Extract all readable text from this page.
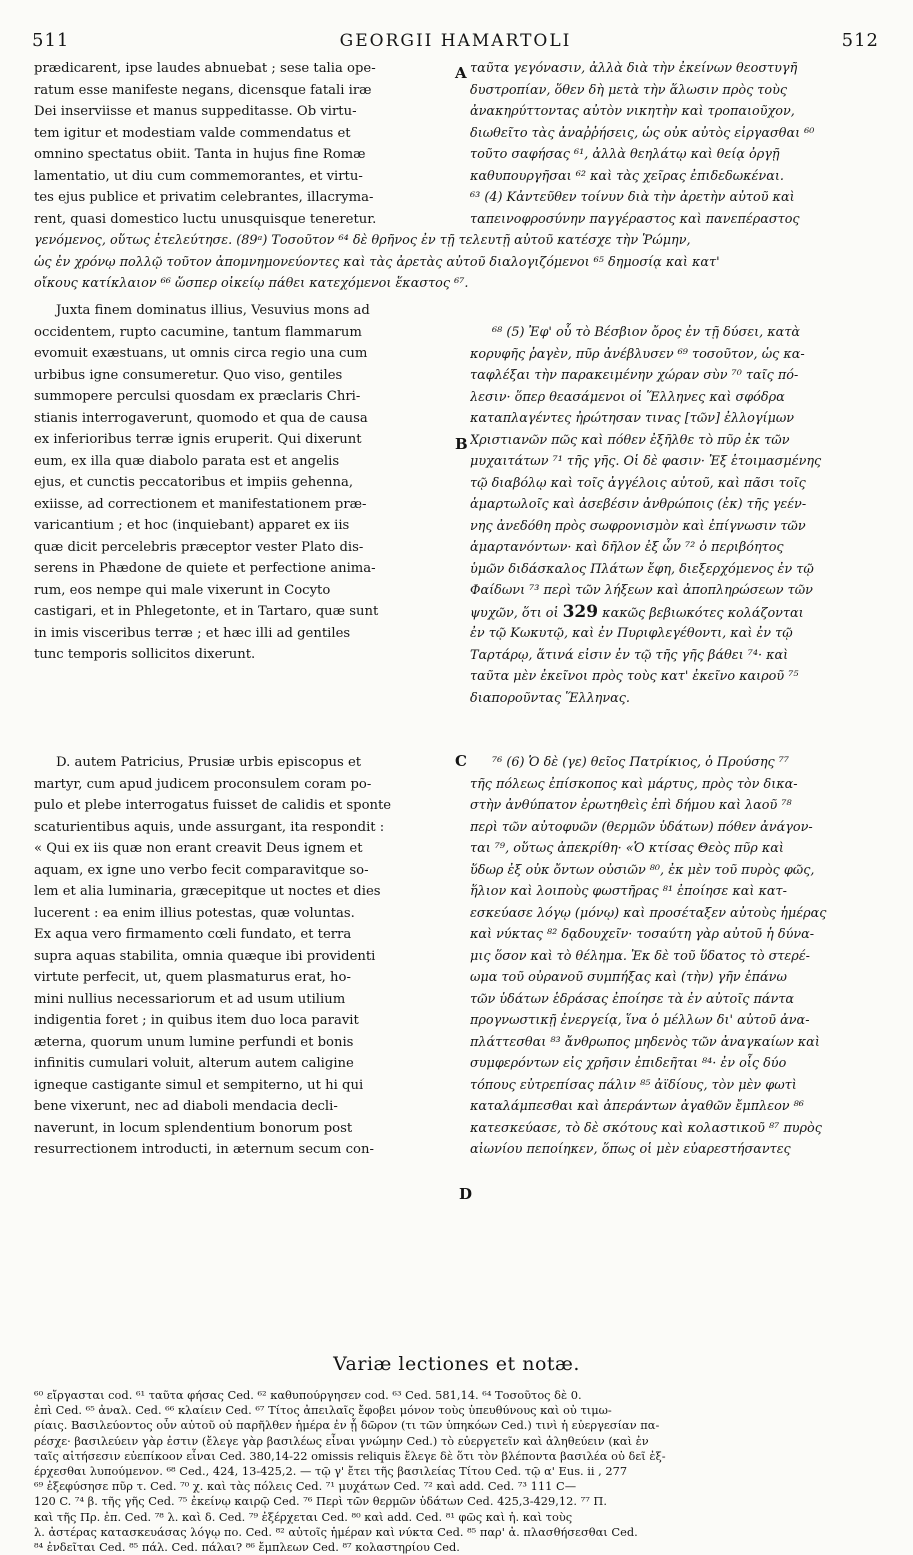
511	GEORGII HAMARTOLI	512
A
B
C
D
prædicarent, ipse laudes abnuebat ; sese talia ope-
ratum esse manifeste negans, dicensque fatali iræ
Dei inserviisse et manus suppeditasse. Ob virtu-
tem igitur et modestiam valde commendatus et
omnino spectatus obiit. Tanta in hujus fine Romæ
lamentatio, ut diu cum commemorantes, et virtu-
tes ejus publice et privatim celebrantes, illacryma-
rent, quasi domestico luctu unusquisque teneretur.
ταῦτα γεγόνασιν, ἀλλὰ διὰ τὴν ἐκείνων θεοστυγῆ
δυστροπίαν, ὅθεν δὴ μετὰ τὴν ἅλωσιν πρὸς τοὺς
ἀνακηρύττοντας αὐτὸν νικητὴν καὶ τροπαιοῦχον,
διωθεῖτο τὰς ἀναῤῥήσεις, ὡς οὐκ αὐτὸς εἰργασθαι ⁶⁰
τοῦτο σαφήσας ⁶¹, ἀλλὰ θεηλάτῳ καὶ θείᾳ ὀργῇ
καθυπουργῆσαι ⁶² καὶ τὰς χεῖρας ἐπιδεδωκέναι.
⁶³ (4) Κἀντεῦθεν τοίνυν διὰ τὴν ἀρετὴν αὐτοῦ καὶ
ταπεινοφροσύνην παγγέραστος καὶ πανεπέραστος
γενόμενος, οὕτως ἐτελεύτησε. (89ᵃ) Τοσοῦτον ⁶⁴ δὲ θρῆνος ἐν τῇ τελευτῇ αὐτοῦ κατέσχε τὴν Ῥώμην,
ὡς ἐν χρόνῳ πολλῷ τοῦτον ἀπομνημονεύοντες καὶ τὰς ἀρετὰς αὐτοῦ διαλογιζόμενοι ⁶⁵ δημοσίᾳ καὶ κατ'
οἴκους κατίκλαιον ⁶⁶ ὥσπερ οἰκείῳ πάθει κατεχόμενοι ἕκαστος ⁶⁷.
Juxta finem dominatus illius, Vesuvius mons ad
occidentem, rupto cacumine, tantum flammarum
evomuit exæstuans, ut omnis circa regio una cum
urbibus igne consumeretur. Quo viso, gentiles
summopere perculsi quosdam ex præclaris Chri-
stianis interrogaverunt, quomodo et qua de causa
ex inferioribus terræ ignis eruperit. Qui dixerunt
eum, ex illa quæ diabolo parata est et angelis
ejus, et cunctis peccatoribus et impiis gehenna,
exiisse, ad correctionem et manifestationem præ-
varicantium ; et hoc (inquiebant) apparet ex iis
quæ dicit percelebris præceptor vester Plato dis-
serens in Phædone de quiete et perfectione anima-
rum, eos nempe qui male vixerunt in Cocyto
castigari, et in Phlegetonte, et in Tartaro, quæ sunt
in imis visceribus terræ ; et hæc illi ad gentiles
tunc temporis sollicitos dixerunt.
⁶⁸ (5) Ἐφ' οὗ τὸ Βέσβιον ὄρος ἐν τῇ δύσει, κατὰ
κορυφῆς ῥαγὲν, πῦρ ἀνέβλυσεν ⁶⁹ τοσοῦτον, ὡς κα-
ταφλέξαι τὴν παρακειμένην χώραν σὺν ⁷⁰ ταῖς πό-
λεσιν· ὅπερ θεασάμενοι οἱ Ἕλληνες καὶ σφόδρα
καταπλαγέντες ἠρώτησαν τινας [τῶν] ἐλλογίμων
Χριστιανῶν πῶς καὶ πόθεν ἐξῆλθε τὸ πῦρ ἐκ τῶν
μυχαιτάτων ⁷¹ τῆς γῆς. Οἱ δὲ φασιν· Ἐξ ἑτοιμασμένης
τῷ διαβόλῳ καὶ τοῖς ἀγγέλοις αὐτοῦ, καὶ πᾶσι τοῖς
ἁμαρτωλοῖς καὶ ἀσεβέσιν ἀνθρώποις (ἐκ) τῆς γεέν-
νης ἀνεδόθη πρὸς σωφρονισμὸν καὶ ἐπίγνωσιν τῶν
ἁμαρτανόντων· καὶ δῆλον ἐξ ὧν ⁷² ὁ περιβόητος
ὑμῶν διδάσκαλος Πλάτων ἔφη, διεξερχόμενος ἐν τῷ
Φαίδωνι ⁷³ περὶ τῶν λήξεων καὶ ἀποπληρώσεων τῶν
ψυχῶν, ὅτι οἱ 329 κακῶς βεβιωκότες κολάζονται
ἐν τῷ Κωκυτῷ, καὶ ἐν Πυριφλεγέθοντι, καὶ ἐν τῷ
Ταρτάρῳ, ἅτινά εἰσιν ἐν τῷ τῆς γῆς βάθει ⁷⁴· καὶ
ταῦτα μὲν ἐκεῖνοι πρὸς τοὺς κατ' ἐκεῖνο καιροῦ ⁷⁵
διαποροῦντας Ἕλληνας.
D. autem Patricius, Prusiæ urbis episcopus et
martyr, cum apud judicem proconsulem coram po-
pulo et plebe interrogatus fuisset de calidis et sponte
scaturientibus aquis, unde assurgant, ita respondit :
« Qui ex iis quæ non erant creavit Deus ignem et
aquam, ex igne uno verbo fecit comparavitque so-
lem et alia luminaria, græcepitque ut noctes et dies
lucerent : ea enim illius potestas, quæ voluntas.
Ex aqua vero firmamento cœli fundato, et terra
supra aquas stabilita, omnia quæque ibi providenti
virtute perfecit, ut, quem plasmaturus erat, ho-
mini nullius necessariorum et ad usum utilium
indigentia foret ; in quibus item duo loca paravit
æterna, quorum unum lumine perfundi et bonis
infinitis cumulari voluit, alterum autem caligine
igneque castigante simul et sempiterno, ut hi qui
bene vixerunt, nec ad diaboli mendacia decli-
naverunt, in locum splendentium bonorum post
resurrectionem introducti, in æternum secum con-
⁷⁶ (6) Ὁ δὲ (γε) θεῖος Πατρίκιος, ὁ Προύσης ⁷⁷
τῆς πόλεως ἐπίσκοπος καὶ μάρτυς, πρὸς τὸν δικα-
στὴν ἀνθύπατον ἐρωτηθεὶς ἐπὶ δήμου καὶ λαοῦ ⁷⁸
περὶ τῶν αὐτοφυῶν (θερμῶν ὑδάτων) πόθεν ἀνάγον-
ται ⁷⁹, οὕτως ἀπεκρίθη· «Ὁ κτίσας Θεὸς πῦρ καὶ
ὕδωρ ἐξ οὐκ ὄντων οὐσιῶν ⁸⁰, ἐκ μὲν τοῦ πυρὸς φῶς,
ἥλιον καὶ λοιποὺς φωστῆρας ⁸¹ ἐποίησε καὶ κατ-
εσκεύασε λόγῳ (μόνῳ) καὶ προσέταξεν αὐτοὺς ἡμέρας
καὶ νύκτας ⁸² δᾳδουχεῖν· τοσαύτη γὰρ αὐτοῦ ἡ δύνα-
μις ὅσον καὶ τὸ θέλημα. Ἐκ δὲ τοῦ ὕδατος τὸ στερέ-
ωμα τοῦ οὐρανοῦ συμπήξας καὶ (τὴν) γῆν ἐπάνω
τῶν ὑδάτων ἑδράσας ἐποίησε τὰ ἐν αὐτοῖς πάντα
προγνωστικῇ ἐνεργείᾳ, ἵνα ὁ μέλλων δι' αὐτοῦ ἀνα-
πλάττεσθαι ⁸³ ἄνθρωπος μηδενὸς τῶν ἀναγκαίων καὶ
συμφερόντων εἰς χρῆσιν ἐπιδεῆται ⁸⁴· ἐν οἷς δύο
τόπους εὐτρεπίσας πάλιν ⁸⁵ ἀϊδίους, τὸν μὲν φωτὶ
καταλάμπεσθαι καὶ ἀπεράντων ἀγαθῶν ἔμπλεον ⁸⁶
κατεσκεύασε, τὸ δὲ σκότους καὶ κολαστικοῦ ⁸⁷ πυρὸς
αἰωνίου πεποίηκεν, ὅπως οἱ μὲν εὐαρεστήσαντες
Variæ lectiones et notæ.
⁶⁰ εἴργασται cod. ⁶¹ ταῦτα φήσας Ced. ⁶² καθυπούργησεν cod. ⁶³ Ced. 581,14. ⁶⁴ Τοσοῦτος δὲ 0.
ἐπὶ Ced. ⁶⁵ ἀναλ. Ced. ⁶⁶ κλαίειν Ced. ⁶⁷ Τίτος ἀπειλαῖς ἔφοβει μόνον τοὺς ὑπευθύνους καὶ οὐ τιμω-
ρίαις. Βασιλεύοντος οὖν αὐτοῦ οὐ παρῆλθεν ἡμέρα ἐν ᾗ δῶρον (τι τῶν ὑπηκόων Ced.) τινὶ ἡ εὐεργεσίαν πα-
ρέσχε· βασιλεύειν γὰρ ἐστιν (ἔλεγε γὰρ βασιλέως εἶναι γνώμην Ced.) τὸ εὐεργετεῖν καὶ ἀληθεύειν (καὶ ἐν
ταῖς αἰτήσεσιν εὐεπίκοον εἶναι Ced. 380,14-22 omissis reliquis ἔλεγε δὲ ὅτι τὸν βλέποντα βασιλέα οὐ δεῖ ἐξ-
έρχεσθαι λυπούμενον. ⁶⁸ Ced., 424, 13-425,2. — τῷ γ' ἔτει τῆς βασιλείας Τίτου Ced. τῷ α' Eus. ii , 277
⁶⁹ ἐξεφύσησε πῦρ τ. Ced. ⁷⁰ χ. καὶ τὰς πόλεις Ced. ⁷¹ μυχάτων Ced. ⁷² καὶ add. Ced. ⁷³ 111 C—
120 C. ⁷⁴ β. τῆς γῆς Ced. ⁷⁵ ἐκείνῳ καιρῷ Ced. ⁷⁶ Περὶ τῶν θερμῶν ὑδάτων Ced. 425,3-429,12. ⁷⁷ Π.
καὶ τῆς Πρ. ἐπ. Ced. ⁷⁸ λ. καὶ δ. Ced. ⁷⁹ ἐξέρχεται Ced. ⁸⁰ καὶ add. Ced. ⁸¹ φῶς καὶ ἡ. καὶ τοὺς
λ. ἀστέρας κατασκευάσας λόγῳ πο. Ced. ⁸² αὐτοῖς ἡμέραν καὶ νύκτα Ced. ⁸⁵ παρ' ἀ. πλασθήσεσθαι Ced.
⁸⁴ ἐνδεῖται Ced. ⁸⁵ πάλ. Ced. πάλαι? ⁸⁶ ἔμπλεων Ced. ⁸⁷ κολαστηρίου Ced.
